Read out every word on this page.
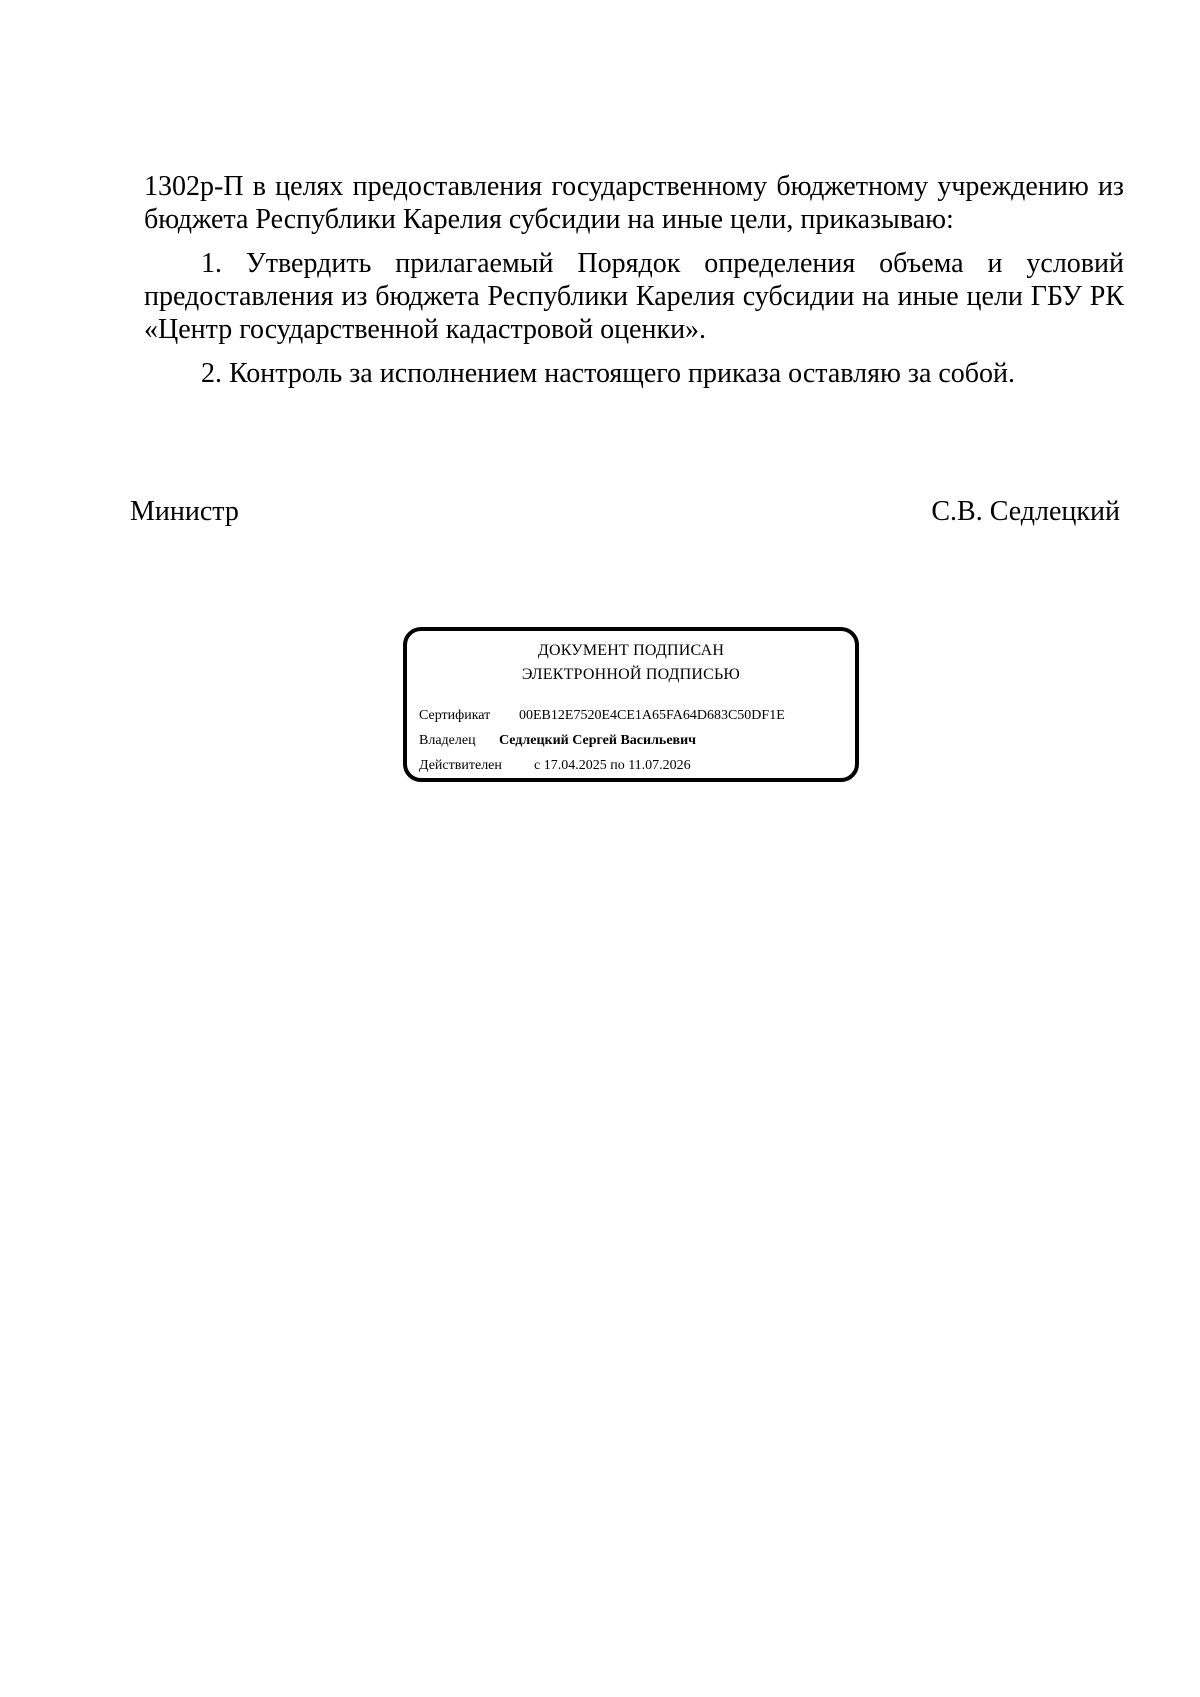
1302р-П в целях предоставления государственному бюджетному учреждению из бюджета Республики Карелия субсидии на иные цели, приказываю:

1. Утвердить прилагаемый Порядок определения объема и условий предоставления из бюджета Республики Карелия субсидии на иные цели ГБУ РК «Центр государственной кадастровой оценки».

2. Контроль за исполнением настоящего приказа оставляю за собой.

Министр	С.В. Седлецкий
ДОКУМЕНТ ПОДПИСАН
ЭЛЕКТРОННОЙ ПОДПИСЬЮ
Сертификат 00EB12E7520E4CE1A65FA64D683C50DF1E
Владелец Седлецкий Сергей Васильевич
Действителен с 17.04.2025 по 11.07.2026
